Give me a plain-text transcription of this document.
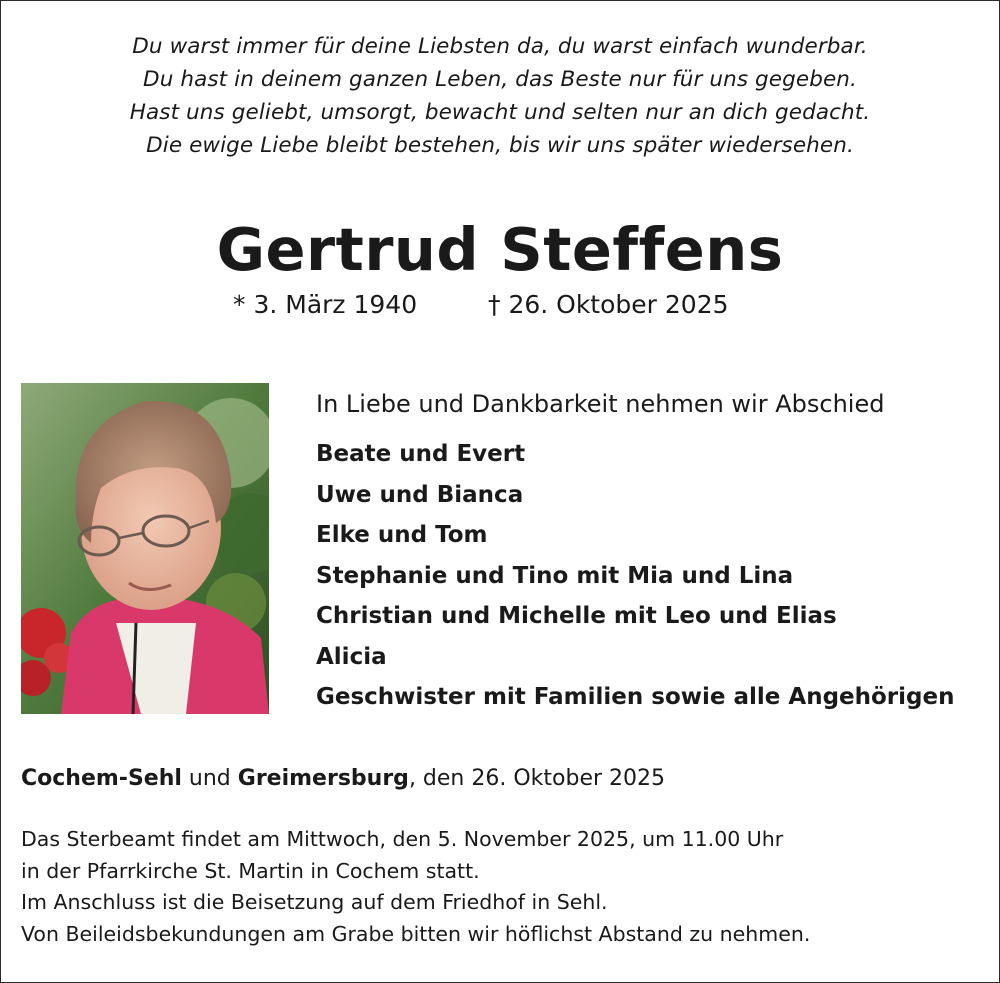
Du warst immer für deine Liebsten da, du warst einfach wunderbar.
Du hast in deinem ganzen Leben, das Beste nur für uns gegeben.
Hast uns geliebt, umsorgt, bewacht und selten nur an dich gedacht.
Die ewige Liebe bleibt bestehen, bis wir uns später wiedersehen.
Gertrud Steffens
* 3. März 1940	† 26. Oktober 2025
In Liebe und Dankbarkeit nehmen wir Abschied
Beate und Evert
Uwe und Bianca
Elke und Tom
Stephanie und Tino mit Mia und Lina
Christian und Michelle mit Leo und Elias
Alicia
Geschwister mit Familien sowie alle Angehörigen
Cochem-Sehl und Greimersburg, den 26. Oktober 2025
Das Sterbeamt findet am Mittwoch, den 5. November 2025, um 11.00 Uhr
in der Pfarrkirche St. Martin in Cochem statt.
Im Anschluss ist die Beisetzung auf dem Friedhof in Sehl.
Von Beileidsbekundungen am Grabe bitten wir höflichst Abstand zu nehmen.
